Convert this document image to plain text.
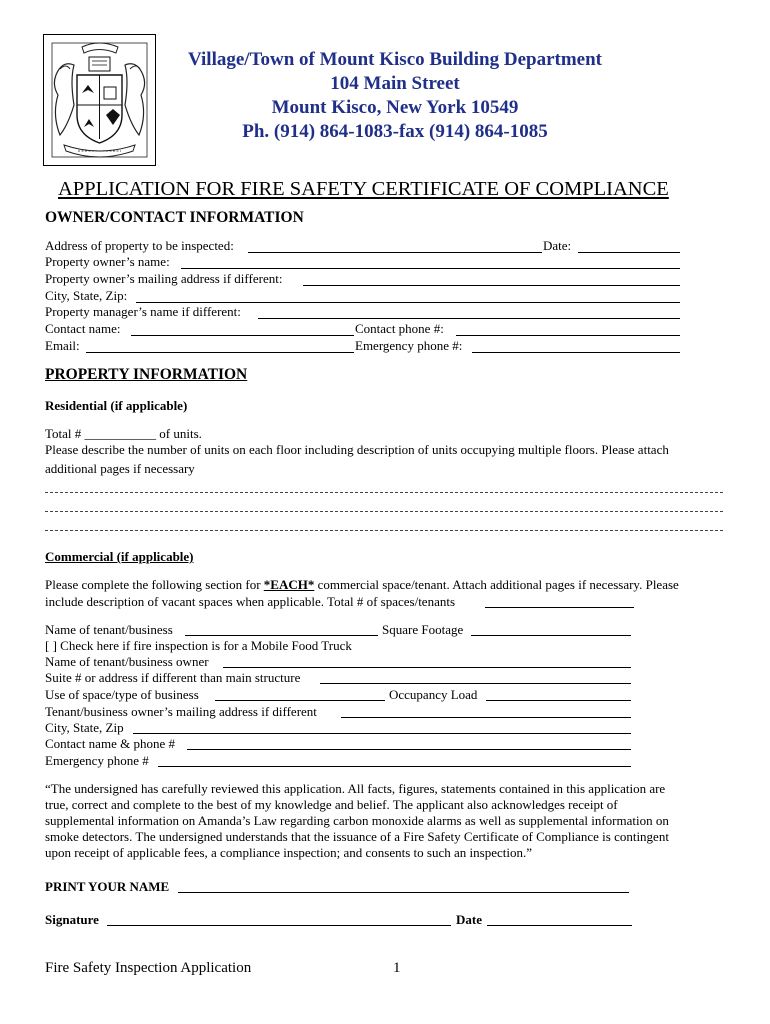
Village/Town of Mount Kisco Building Department
104 Main Street
Mount Kisco, New York 10549
Ph. (914) 864-1083-fax (914) 864-1085
APPLICATION FOR FIRE SAFETY CERTIFICATE OF COMPLIANCE
OWNER/CONTACT INFORMATION
Address of property to be inspected:	Date:
Property owner’s name:
Property owner’s mailing address if different:
City, State, Zip:
Property manager’s name if different:
Contact name:	Contact phone #:
Email:	Emergency phone #:
PROPERTY INFORMATION
Residential (if applicable)
Total # ___________ of units.
Please describe the number of units on each floor including description of units occupying multiple floors. Please attach
additional pages if necessary
Commercial (if applicable)
Please complete the following section for *EACH* commercial space/tenant. Attach additional pages if necessary. Please
include description of vacant spaces when applicable. Total # of spaces/tenants
Name of tenant/business	Square Footage
[ ] Check here if fire inspection is for a Mobile Food Truck
Name of tenant/business owner
Suite # or address if different than main structure
Use of space/type of business	Occupancy Load
Tenant/business owner’s mailing address if different
City, State, Zip
Contact name & phone #
Emergency phone #
“The undersigned has carefully reviewed this application. All facts, figures, statements contained in this application are
true, correct and complete to the best of my knowledge and belief. The applicant also acknowledges receipt of
supplemental information on Amanda’s Law regarding carbon monoxide alarms as well as supplemental information on
smoke detectors. The undersigned understands that the issuance of a Fire Safety Certificate of Compliance is contingent
upon receipt of applicable fees, a compliance inspection; and consents to such an inspection.”
PRINT YOUR NAME
Signature	Date
Fire Safety Inspection Application	1
